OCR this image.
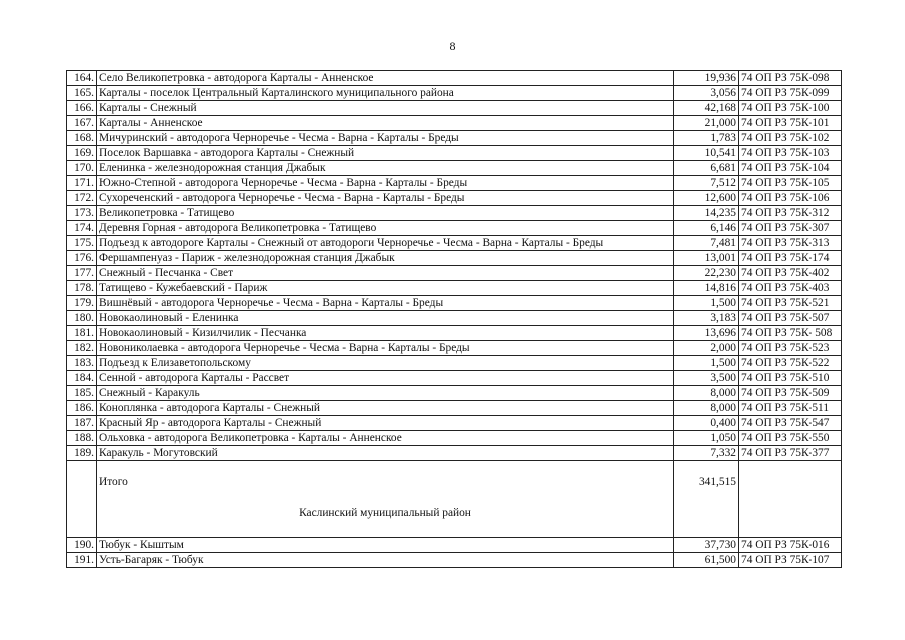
8
164.	Село Великопетровка - автодорога Карталы - Анненское	19,936	74 ОП РЗ 75К-098
165.	Карталы - поселок Центральный Карталинского муниципального района	3,056	74 ОП РЗ 75К-099
166.	Карталы - Снежный	42,168	74 ОП РЗ 75К-100
167.	Карталы - Анненское	21,000	74 ОП РЗ 75К-101
168.	Мичуринский - автодорога Черноречье - Чесма - Варна - Карталы - Бреды	1,783	74 ОП РЗ 75К-102
169.	Поселок Варшавка - автодорога Карталы - Снежный	10,541	74 ОП РЗ 75К-103
170.	Еленинка - железнодорожная станция Джабык	6,681	74 ОП РЗ 75К-104
171.	Южно-Степной - автодорога Черноречье - Чесма - Варна - Карталы - Бреды	7,512	74 ОП РЗ 75К-105
172.	Сухореченский - автодорога Черноречье - Чесма - Варна - Карталы - Бреды	12,600	74 ОП РЗ 75К-106
173.	Великопетровка - Татищево	14,235	74 ОП РЗ 75К-312
174.	Деревня Горная - автодорога Великопетровка - Татищево	6,146	74 ОП РЗ 75К-307
175.	Подъезд к автодороге Карталы - Снежный от автодороги Черноречье - Чесма - Варна - Карталы - Бреды	7,481	74 ОП РЗ 75К-313
176.	Фершампенуаз - Париж - железнодорожная станция Джабык	13,001	74 ОП РЗ 75К-174
177.	Снежный - Песчанка - Свет	22,230	74 ОП РЗ 75К-402
178.	Татищево - Кужебаевский - Париж	14,816	74 ОП РЗ 75К-403
179.	Вишнёвый - автодорога Черноречье - Чесма - Варна - Карталы - Бреды	1,500	74 ОП РЗ 75К-521
180.	Новокаолиновый - Еленинка	3,183	74 ОП РЗ 75К-507
181.	Новокаолиновый - Кизилчилик - Песчанка	13,696	74 ОП РЗ 75К- 508
182.	Новониколаевка - автодорога Черноречье - Чесма - Варна - Карталы - Бреды	2,000	74 ОП РЗ 75К-523
183.	Подъезд к Елизаветопольскому	1,500	74 ОП РЗ 75К-522
184.	Сенной - автодорога Карталы - Рассвет	3,500	74 ОП РЗ 75К-510
185.	Снежный - Каракуль	8,000	74 ОП РЗ 75К-509
186.	Коноплянка - автодорога Карталы - Снежный	8,000	74 ОП РЗ 75К-511
187.	Красный Яр - автодорога Карталы - Снежный	0,400	74 ОП РЗ 75К-547
188.	Ольховка - автодорога Великопетровка - Карталы - Анненское	1,050	74 ОП РЗ 75К-550
189.	Каракуль - Могутовский	7,332	74 ОП РЗ 75К-377

	Итого	341,515	

	Каслинский муниципальный район		

190.	Тюбук - Кыштым	37,730	74 ОП РЗ 75К-016
191.	Усть-Багаряк - Тюбук	61,500	74 ОП РЗ 75К-107
